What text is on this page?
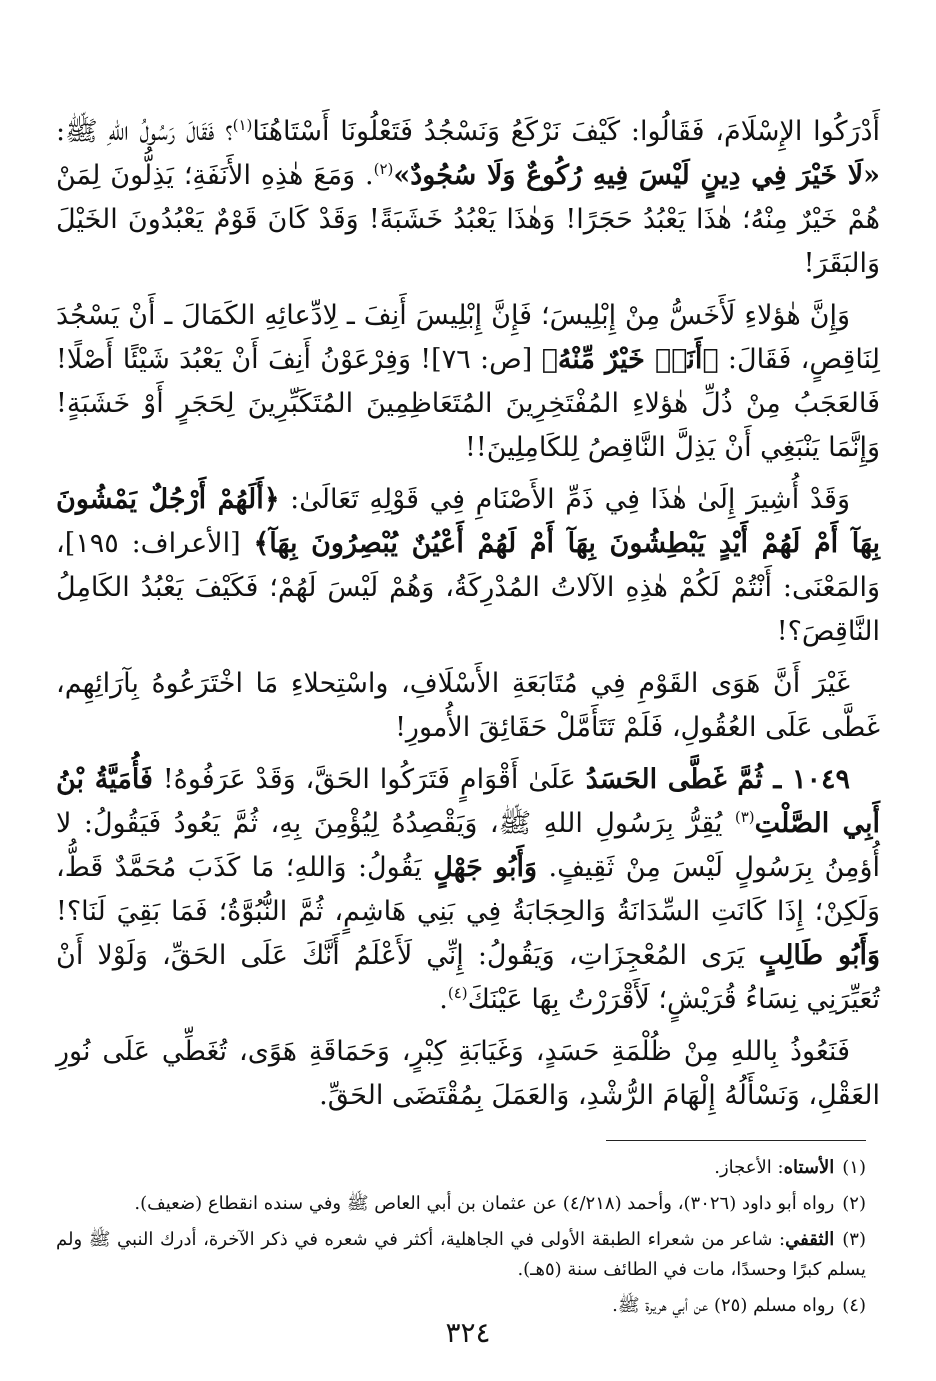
أَدْرَكُوا الإِسْلَامَ، فَقَالُوا: كَيْفَ نَرْكَعُ وَنَسْجُدُ فَتَعْلُونَا أَسْتَاهُنَا$^{(١)}$؟ فَقَالَ رَسُولُ اللهِ ﷺ: «لَا خَيْرَ فِي دِينٍ لَيْسَ فِيهِ رُكُوعٌ وَلَا سُجُودٌ»$^{(٢)}$. وَمَعَ هٰذِهِ الأَنَفَةِ؛ يَذِلُّونَ لِمَنْ هُمْ خَيْرٌ مِنْهُ؛ هٰذَا يَعْبُدُ حَجَرًا! وَهٰذَا يَعْبُدُ خَشَبَةً! وَقَدْ كَانَ قَوْمٌ يَعْبُدُونَ الخَيْلَ وَالبَقَرَ!

وَإِنَّ هٰؤلاءِ لَأَخَسُّ مِنْ إِبْلِيسَ؛ فَإِنَّ إِبْلِيسَ أَنِفَ ـ لِادِّعائِهِ الكَمَالَ ـ أَنْ يَسْجُدَ لِنَاقِصٍ، فَقَالَ: ﴿أَنَا۠ خَيْرٌ مِّنْهُ﴾ [ص: ٧٦]! وَفِرْعَوْنُ أَنِفَ أَنْ يَعْبُدَ شَيْئًا أَصْلًا! فَالعَجَبُ مِنْ ذُلِّ هٰؤلاءِ المُفْتَخِرِينَ المُتَعَاظِمِينَ المُتَكَبِّرِينَ لِحَجَرٍ أَوْ خَشَبَةٍ! وَإِنَّمَا يَنْبَغِي أَنْ يَذِلَّ النَّاقِصُ لِلكَامِلِينَ!!

وَقَدْ أُشِيرَ إِلَىٰ هٰذَا فِي ذَمِّ الأَصْنَامِ فِي قَوْلِهِ تَعَالَىٰ: ﴿أَلَهُمْ أَرْجُلٌ يَمْشُونَ بِهَآ أَمْ لَهُمْ أَيْدٍ يَبْطِشُونَ بِهَآ أَمْ لَهُمْ أَعْيُنٌ يُبْصِرُونَ بِهَآ﴾ [الأعراف: ١٩٥]، وَالمَعْنَى: أَنْتُمْ لَكُمْ هٰذِهِ الآلاتُ المُدْرِكَةُ، وَهُمْ لَيْسَ لَهُمْ؛ فَكَيْفَ يَعْبُدُ الكَامِلُ النَّاقِصَ؟!

غَيْرَ أَنَّ هَوَى القَوْمِ فِي مُتَابَعَةِ الأَسْلَافِ، واسْتِحلاءِ مَا اخْتَرَعُوهُ بِآرَائِهِم، غَطَّى عَلَى العُقُولِ، فَلَمْ تَتَأَمَّلْ حَقَائِقَ الأُمورِ!

١٠٤٩ ـ ثُمَّ غَطَّى الحَسَدُ عَلَىٰ أَقْوَامٍ فَتَرَكُوا الحَقَّ، وَقَدْ عَرَفُوهُ! فَأُمَيَّةُ بْنُ أَبِي الصَّلْتِ$^{(٣)}$ يُقِرُّ بِرَسُولِ اللهِ ﷺ، وَيَقْصِدُهُ لِيُؤْمِنَ بِهِ، ثُمَّ يَعُودُ فَيَقُولُ: لا أُؤمِنُ بِرَسُولٍ لَيْسَ مِنْ ثَقِيفٍ. وَأَبُو جَهْلٍ يَقُولُ: وَاللهِ؛ مَا كَذَبَ مُحَمَّدٌ قَطُّ، وَلَكِنْ؛ إِذَا كَانَتِ السِّدَانَةُ وَالحِجَابَةُ فِي بَنِي هَاشِمٍ، ثُمَّ النُّبُوَّةُ؛ فَمَا بَقِيَ لَنَا؟! وَأَبُو طَالِبٍ يَرَى المُعْجِزَاتِ، وَيَقُولُ: إِنِّي لَأَعْلَمُ أَنَّكَ عَلَى الحَقِّ، وَلَوْلا أَنْ تُعَيِّرَنِي نِسَاءُ قُرَيْشٍ؛ لَأَقْرَرْتُ بِهَا عَيْنَكَ$^{(٤)}$.

فَنَعُوذُ بِاللهِ مِنْ ظُلْمَةِ حَسَدٍ، وَغَيَابَةِ كِبْرٍ، وَحَمَاقَةِ هَوًى، تُغَطِّي عَلَى نُورِ العَقْلِ، وَنَسْأَلُهُ إِلْهَامَ الرُّشْدِ، وَالعَمَلَ بِمُقْتَضَى الحَقِّ.

(١)الأستاه: الأعجاز.
(٢)رواه أبو داود (٣٠٢٦)، وأحمد (٤/٢١٨) عن عثمان بن أبي العاص ﷺ وفي سنده انقطاع (ضعيف).
(٣)الثقفي: شاعر من شعراء الطبقة الأولى في الجاهلية، أكثر في شعره في ذكر الآخرة، أدرك النبي ﷺ ولم يسلم كبرًا وحسدًا، مات في الطائف سنة (٥هـ).
(٤)رواه مسلم (٢٥) عن أبي هريرة ﷺ.
٣٢٤
